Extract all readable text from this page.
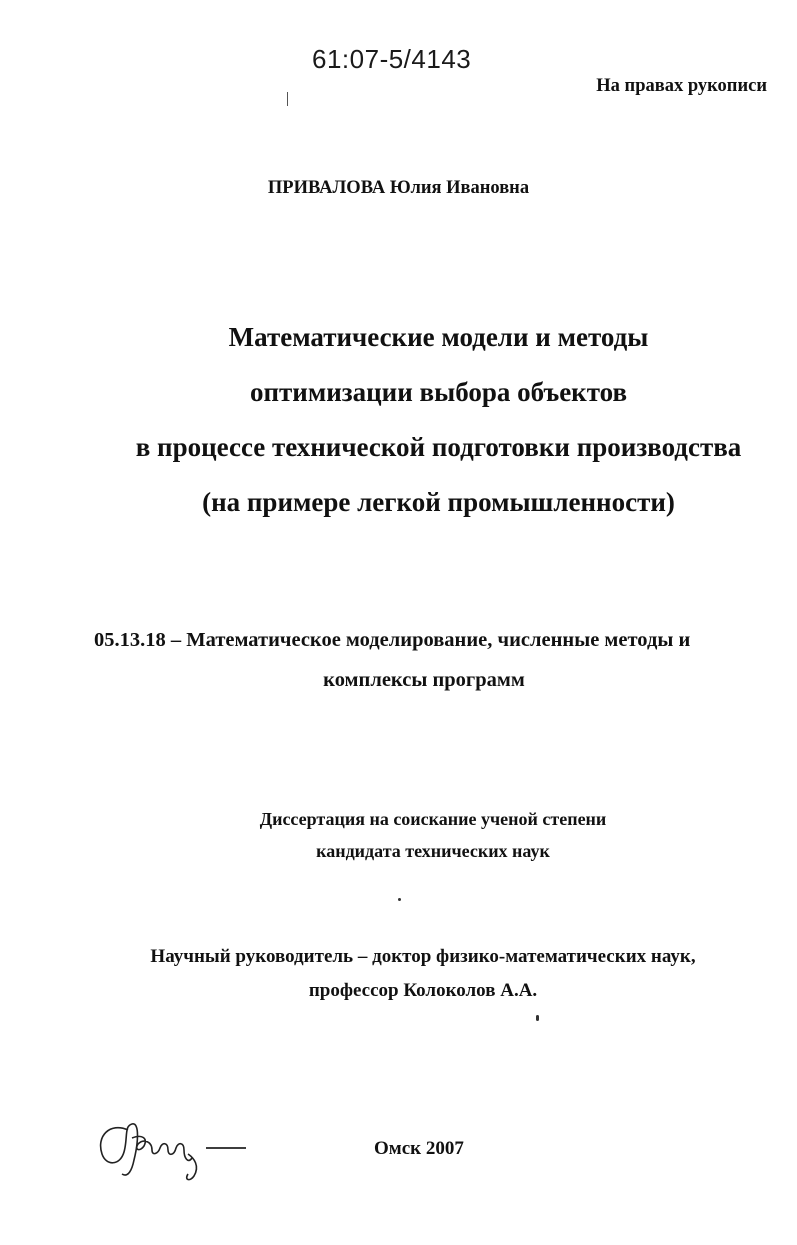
61:07-5/4143
На правах рукописи
ПРИВАЛОВА Юлия Ивановна
Математические модели и методы
оптимизации выбора объектов
в процессе технической подготовки производства
(на примере легкой промышленности)
05.13.18 – Математическое моделирование, численные методы и
комплексы программ
Диссертация на соискание ученой степени
кандидата технических наук
Научный руководитель – доктор физико-математических наук,
профессор Колоколов А.А.
Омск 2007
